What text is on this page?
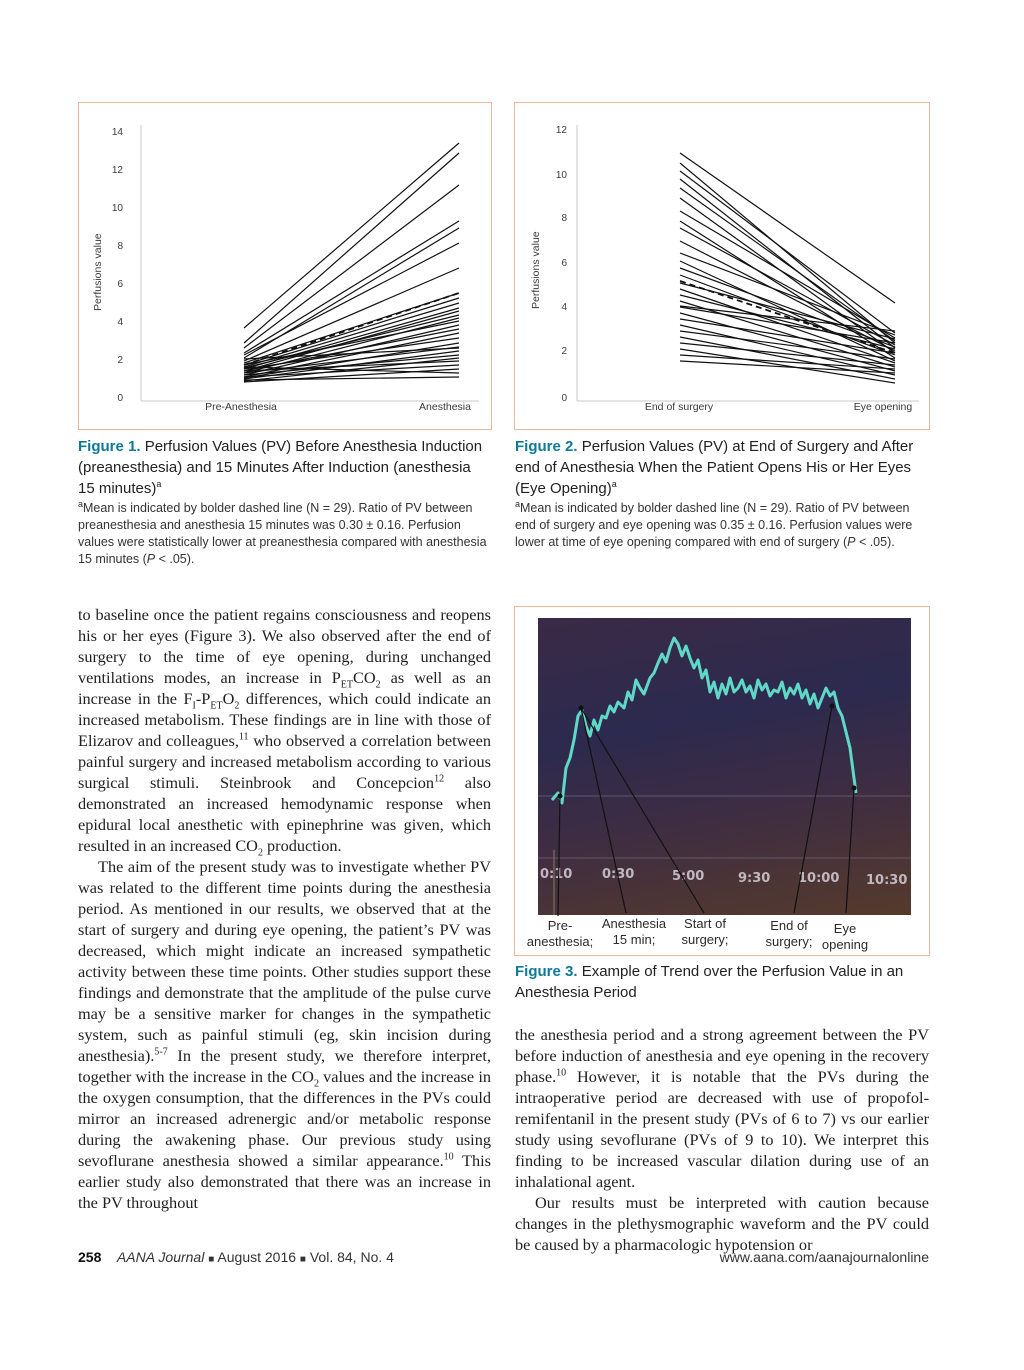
14
12
10
8
6
4
2
0
Perfusions value
Pre-Anesthesia	Anesthesia
Figure 1. Perfusion Values (PV) Before Anesthesia Induction (preanesthesia) and 15 Minutes After Induction (anesthesia 15 minutes)$^a$
$^a$Mean is indicated by bolder dashed line (N = 29). Ratio of PV between preanesthesia and anesthesia 15 minutes was 0.30 ± 0.16. Perfusion values were statistically lower at preanesthesia compared with anesthesia 15 minutes (P < .05).
12
10
8
6
4
2
0
Perfusions value
End of surgery	Eye opening
Figure 2. Perfusion Values (PV) at End of Surgery and After end of Anesthesia When the Patient Opens His or Her Eyes (Eye Opening)$^a$
$^a$Mean is indicated by bolder dashed line (N = 29). Ratio of PV between end of surgery and eye opening was 0.35 ± 0.16. Perfusion values were lower at time of eye opening compared with end of surgery (P < .05).
0:10 0:30	5:00	9:30 10:00 10:30
Pre-
anesthesia;
Anesthesia
15 min;
Start of
surgery;
End of
surgery;
Eye
opening
Figure 3. Example of Trend over the Perfusion Value in an Anesthesia Period

to baseline once the patient regains consciousness and reopens his or her eyes (Figure 3). We also observed after the end of surgery to the time of eye opening, during unchanged ventilations modes, an increase in $P_{ET}CO_2$ as well as an increase in the $F_I-P_{ET}O_2$ differences, which could indicate an increased metabolism. These findings are in line with those of Elizarov and colleagues,$^{11}$ who observed a correlation between painful surgery and increased metabolism according to various surgical stimuli. Steinbrook and Concepcion$^{12}$ also demonstrated an increased hemodynamic response when epidural local anesthetic with epinephrine was given, which resulted in an increased $CO_2$ production.

The aim of the present study was to investigate whether PV was related to the different time points during the anesthesia period. As mentioned in our results, we observed that at the start of surgery and during eye opening, the patient’s PV was decreased, which might indicate an increased sympathetic activity between these time points. Other studies support these findings and demonstrate that the amplitude of the pulse curve may be a sensitive marker for changes in the sympathetic system, such as painful stimuli (eg, skin incision during anesthesia).$^{5-7}$ In the present study, we therefore interpret, together with the increase in the $CO_2$ values and the increase in the oxygen consumption, that the differences in the PVs could mirror an increased adrenergic and/or metabolic response during the awakening phase. Our previous study using sevoflurane anesthesia showed a similar appearance.$^{10}$ This earlier study also demonstrated that there was an increase in the PV throughout

the anesthesia period and a strong agreement between the PV before induction of anesthesia and eye opening in the recovery phase.$^{10}$ However, it is notable that the PVs during the intraoperative period are decreased with use of propofol-remifentanil in the present study (PVs of 6 to 7) vs our earlier study using sevoflurane (PVs of 9 to 10). We interpret this finding to be increased vascular dilation during use of an inhalational agent.

Our results must be interpreted with caution because changes in the plethysmographic waveform and the PV could be caused by a pharmacologic hypotension or

258 AANA Journal ■ August 2016 ■ Vol. 84, No. 4	www.aana.com/aanajournalonline
